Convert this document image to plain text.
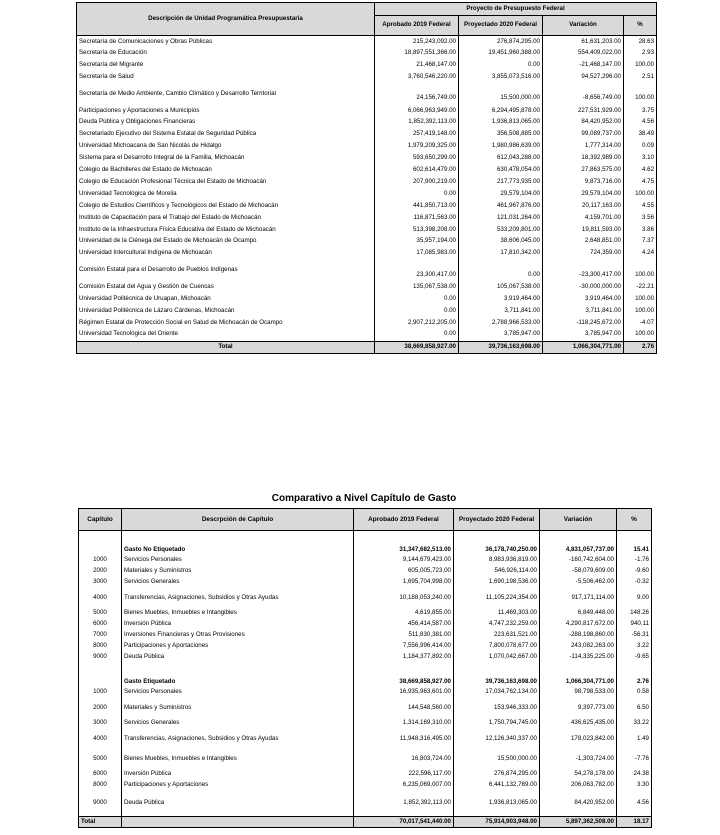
Descripción de Unidad Programática Presupuestaria	Proyecto de Presupuesto Federal			
	Aprobado 2019 Federal	Proyectado 2020 Federal	Variación	%
Secretaría de Comunicaciones y Obras Públicas	215,243,092.00	276,874,295.00	61,631,203.00	28.63
Secretaría de Educación	18,897,551,366.00	19,451,960,388.00	554,409,022.00	2.93
Secretaría del Migrante	21,468,147.00	0.00	-21,468,147.00	100.00
Secretaría de Salud	3,760,546,220.00	3,855,073,516.00	94,527,296.00	2.51
Secretaría de Medio Ambiente, Cambio Climático y Desarrollo Territorial	24,156,749.00	15,500,000.00	-8,656,749.00	100.00
Participaciones y Aportaciones a Municipios	6,066,963,949.00	6,294,495,878.00	227,531,929.00	3.75
Deuda Pública y Obligaciones Financieras	1,852,392,113.00	1,936,813,065.00	84,420,952.00	4.56
Secretariado Ejecutivo del Sistema Estatal de Seguridad Pública	257,419,148.00	356,508,885.00	99,089,737.00	38.49
Universidad Michoacana de San Nicolás de Hidalgo	1,979,209,325.00	1,980,986,639.00	1,777,314.00	0.09
Sistema para el Desarrollo Integral de la Familia, Michoacán	593,650,299.00	612,043,288.00	18,392,989.00	3.10
Colegio de Bachilleres del Estado de Michoacán	602,614,479.00	630,478,054.00	27,863,575.00	4.62
Colegio de Educación Profesional Técnica del Estado de Michoacán	207,900,219.00	217,773,935.00	9,873,716.00	4.75
Universidad Tecnológica de Morelia	0.00	29,579,104.00	29,579,104.00	100.00
Colegio de Estudios Científicos y Tecnológicos del Estado de Michoacán	441,850,713.00	461,967,876.00	20,117,163.00	4.55
Instituto de Capacitación para el Trabajo del Estado de Michoacán	116,871,563.00	121,031,264.00	4,159,701.00	3.56
Instituto de la Infraestructura Física Educativa del Estado de Michoacán	513,398,208.00	533,209,801.00	19,811,593.00	3.86
Universidad de la Ciénega del Estado de Michoacán de Ocampo	35,957,194.00	38,606,045.00	2,648,851.00	7.37
Universidad Intercultural Indígena de Michoacán	17,085,983.00	17,810,342.00	724,359.00	4.24
Comisión Estatal para el Desarrollo de Pueblos Indígenas	23,300,417.00	0.00	-23,300,417.00	100.00
Comisión Estatal del Agua y Gestión de Cuencas	135,067,538.00	105,067,538.00	-30,000,000.00	-22.21
Universidad Politécnica de Uruapan, Michoacán	0.00	3,919,464.00	3,919,464.00	100.00
Universidad Politécnica de Lázaro Cárdenas, Michoacán	0.00	3,711,841.00	3,711,841.00	100.00
Régimen Estatal de Protección Social en Salud de Michoacán de Ocampo	2,907,212,205.00	2,788,966,533.00	-118,245,672.00	-4.07
Universidad Tecnológica del Oriente	0.00	3,785,947.00	3,785,947.00	100.00
Total	38,669,858,927.00	39,736,163,698.00	1,066,304,771.00	2.76
Comparativo a Nivel Capítulo de Gasto
Capítulo	Descrpción de Capítulo	Aprobado 2019 Federal	Proyectado 2020 Federal	Variación	%

	Gasto No Etiquetado	31,347,682,513.00	36,178,740,250.00	4,831,057,737.00	15.41
1000	Servicios Personales	9,144,679,423.00	8,983,936,819.00	-160,742,604.00	-1.76
2000	Materiales y Suministros	605,005,723.00	546,926,114.00	-58,079,609.00	-9.60
3000	Servicios Generales	1,695,704,998.00	1,690,198,536.00	-5,506,462.00	-0.32
4000	Transferencias, Asignaciones, Subsidios y Otras Ayudas	10,188,053,240.00	11,105,224,354.00	917,171,114.00	9.00
5000	Bienes Muebles, Inmuebles e Intangibles	4,619,855.00	11,469,303.00	6,849,448.00	148.26
6000	Inversión Pública	456,414,587.00	4,747,232,259.00	4,290,817,672.00	940.11
7000	Inversiones Financieras y Otras Provisiones	511,830,381.00	223,631,521.00	-288,198,860.00	-56.31
8000	Participaciones y Aportaciones	7,556,996,414.00	7,800,078,677.00	243,082,263.00	3.22
9000	Deuda Pública	1,184,377,892.00	1,070,042,667.00	-114,335,225.00	-9.65

	Gasto Etiquetado	38,669,858,927.00	39,736,163,698.00	1,066,304,771.00	2.76
1000	Servicios Personales	16,935,963,601.00	17,034,762,134.00	98,798,533.00	0.58
2000	Materiales y Suministros	144,548,560.00	153,946,333.00	9,397,773.00	6.50
3000	Servicios Generales	1,314,169,310.00	1,750,794,745.00	436,625,435.00	33.22
4000	Transferencias, Asignaciones, Subsidios y Otras Ayudas	11,948,316,495.00	12,126,340,337.00	178,023,842.00	1.49
5000	Bienes Muebles, Inmuebles e Intangibles	16,803,724.00	15,500,000.00	-1,303,724.00	-7.76
6000	Inversión Pública	222,596,117.00	276,874,295.00	54,278,178.00	24.38
8000	Participaciones y Aportaciones	6,235,069,007.00	6,441,132,789.00	206,063,782.00	3.30
9000	Deuda Pública	1,852,392,113.00	1,936,813,065.00	84,420,952.00	4.56
Total		70,017,541,440.00	75,914,903,948.00	5,897,362,508.00	18.17
